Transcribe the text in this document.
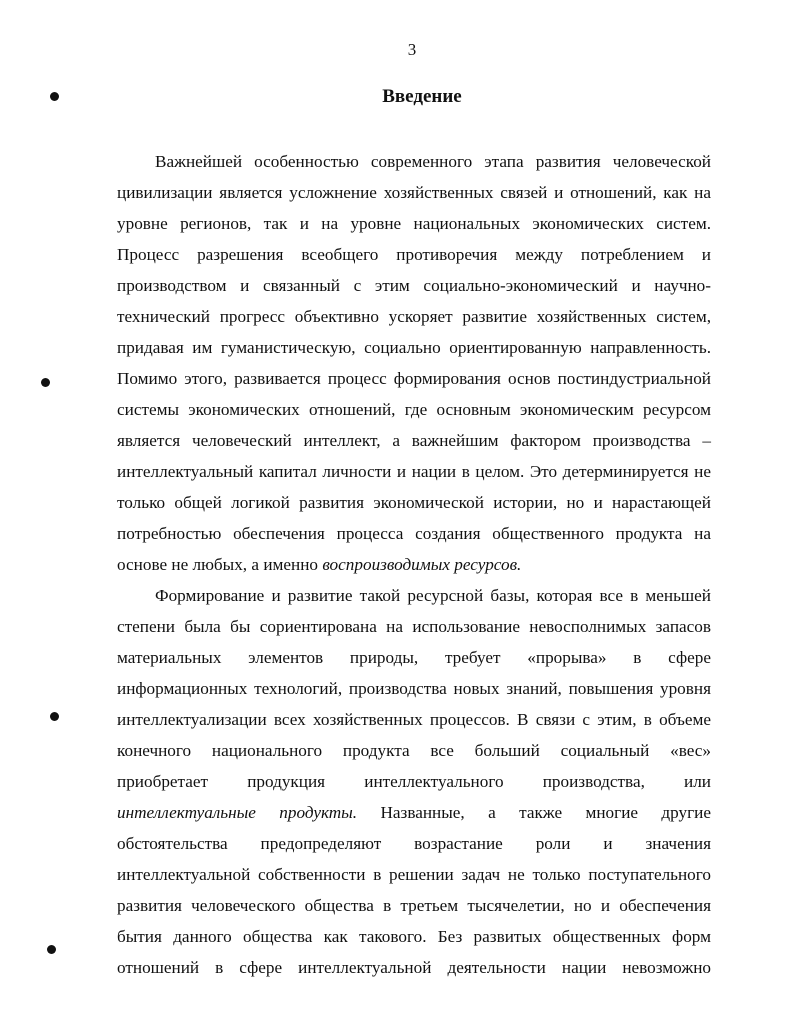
3
Введение
Важнейшей особенностью современного этапа развития человеческой
цивилизации является усложнение хозяйственных связей и отношений, как на
уровне регионов, так и на уровне национальных экономических систем.
Процесс разрешения всеобщего противоречия между потреблением и
производством и связанный с этим социально-экономический и научно-
технический прогресс объективно ускоряет развитие хозяйственных систем,
придавая им гуманистическую, социально ориентированную направленность.
Помимо этого, развивается процесс формирования основ постиндустриальной
системы экономических отношений, где основным экономическим ресурсом
является человеческий интеллект, а важнейшим фактором производства –
интеллектуальный капитал личности и нации в целом. Это детерминируется не
только общей логикой развития экономической истории, но и нарастающей
потребностью обеспечения процесса создания общественного продукта на
основе не любых, а именно воспроизводимых ресурсов.
Формирование и развитие такой ресурсной базы, которая все в меньшей
степени была бы сориентирована на использование невосполнимых запасов
материальных элементов природы, требует «прорыва» в сфере
информационных технологий, производства новых знаний, повышения уровня
интеллектуализации всех хозяйственных процессов. В связи с этим, в объеме
конечного национального продукта все больший социальный «вес»
приобретает продукция интеллектуального производства, или
интеллектуальные продукты. Названные, а также многие другие
обстоятельства предопределяют возрастание роли и значения
интеллектуальной собственности в решении задач не только поступательного
развития человеческого общества в третьем тысячелетии, но и обеспечения
бытия данного общества как такового. Без развитых общественных форм
отношений в сфере интеллектуальной деятельности нации невозможно
